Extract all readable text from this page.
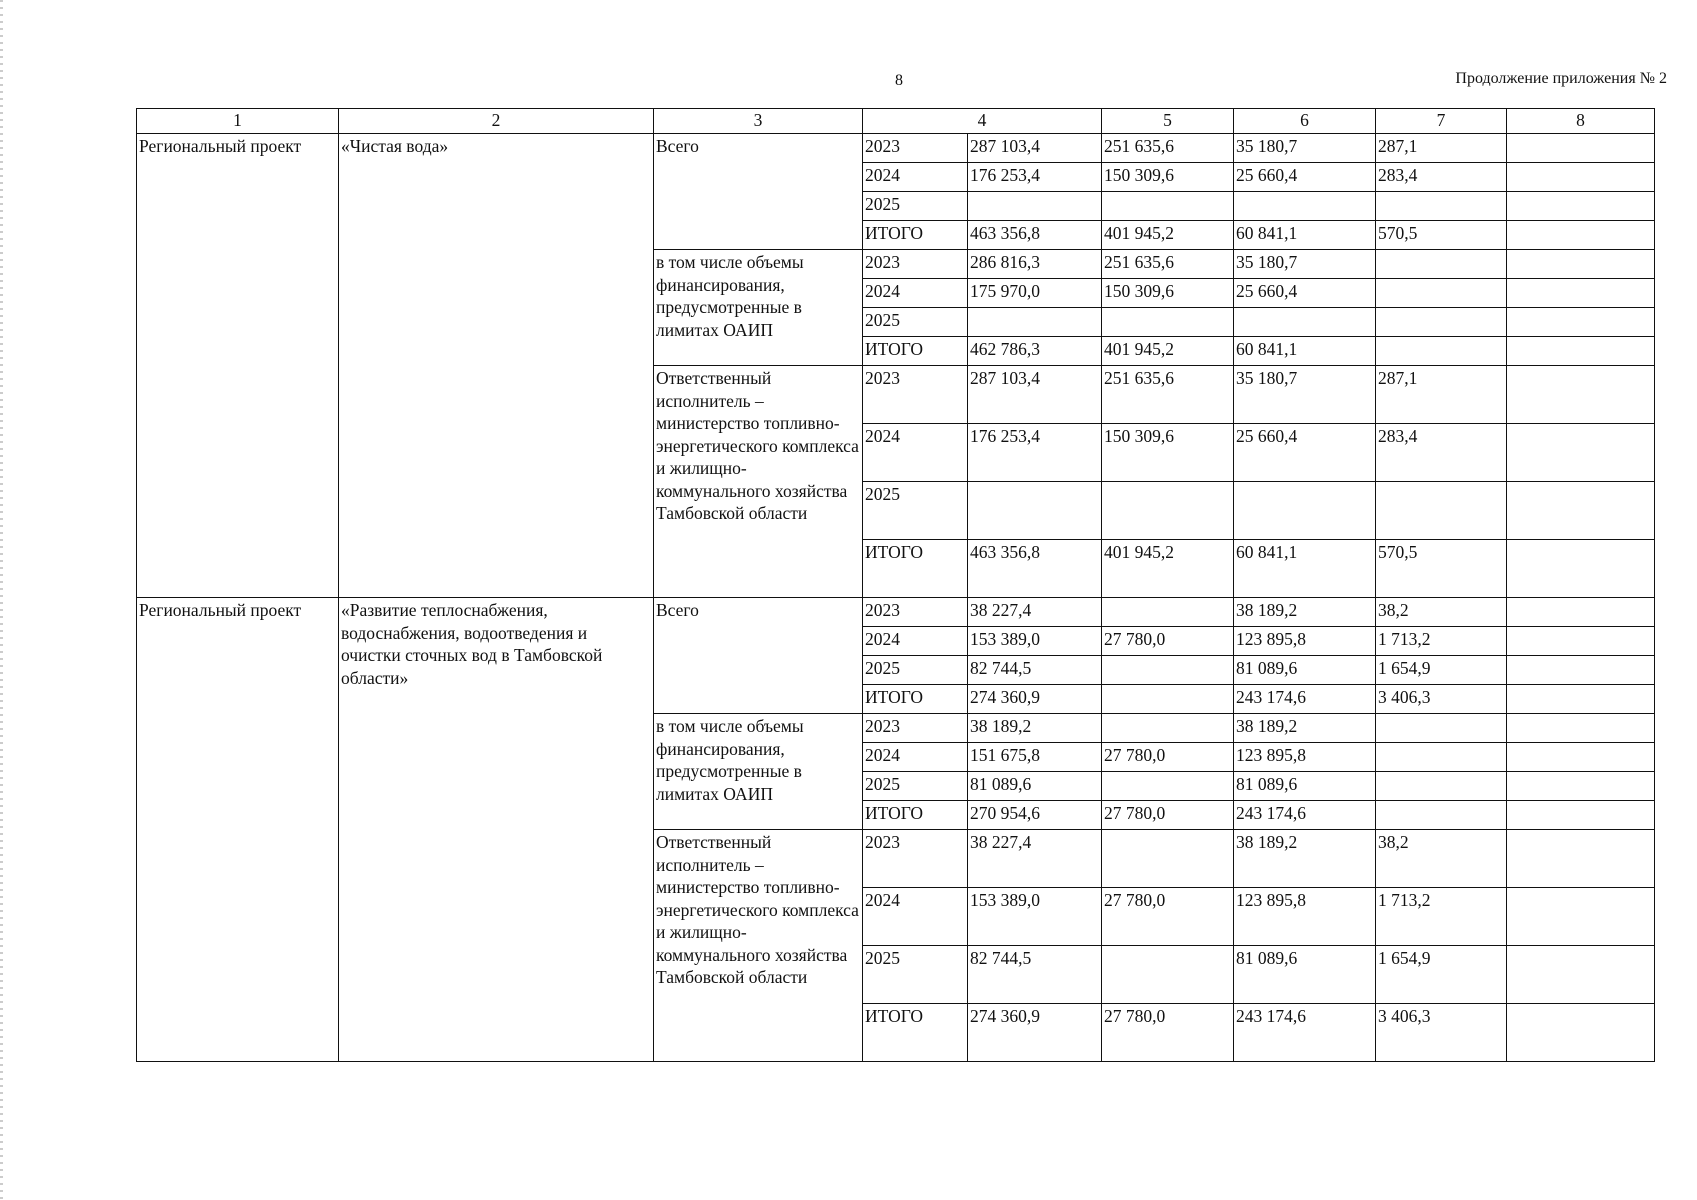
8	Продолжение приложения № 2
1	2	3	4		5	6	7	8
Региональный проект	«Чистая вода»	Всего	2023	287 103,4	251 635,6	35 180,7	287,1	
			2024	176 253,4	150 309,6	25 660,4	283,4	
			2025					
			ИТОГО	463 356,8	401 945,2	60 841,1	570,5	
		в том числе объемы финансирования, предусмотренные в лимитах ОАИП	2023	286 816,3	251 635,6	35 180,7		
			2024	175 970,0	150 309,6	25 660,4		
			2025					
			ИТОГО	462 786,3	401 945,2	60 841,1		
		Ответственный исполнитель – министерство топливно-энергетического комплекса и жилищно-коммунального хозяйства Тамбовской области	2023	287 103,4	251 635,6	35 180,7	287,1	
			2024	176 253,4	150 309,6	25 660,4	283,4	
			2025					
			ИТОГО	463 356,8	401 945,2	60 841,1	570,5	
Региональный проект	«Развитие теплоснабжения, водоснабжения, водоотведения и очистки сточных вод в Тамбовской области»	Всего	2023	38 227,4		38 189,2	38,2	
			2024	153 389,0	27 780,0	123 895,8	1 713,2	
			2025	82 744,5		81 089,6	1 654,9	
			ИТОГО	274 360,9		243 174,6	3 406,3	
		в том числе объемы финансирования, предусмотренные в лимитах ОАИП	2023	38 189,2		38 189,2		
			2024	151 675,8	27 780,0	123 895,8		
			2025	81 089,6		81 089,6		
			ИТОГО	270 954,6	27 780,0	243 174,6		
		Ответственный исполнитель – министерство топливно-энергетического комплекса и жилищно-коммунального хозяйства Тамбовской области	2023	38 227,4		38 189,2	38,2	
			2024	153 389,0	27 780,0	123 895,8	1 713,2	
			2025	82 744,5		81 089,6	1 654,9	
			ИТОГО	274 360,9	27 780,0	243 174,6	3 406,3	
